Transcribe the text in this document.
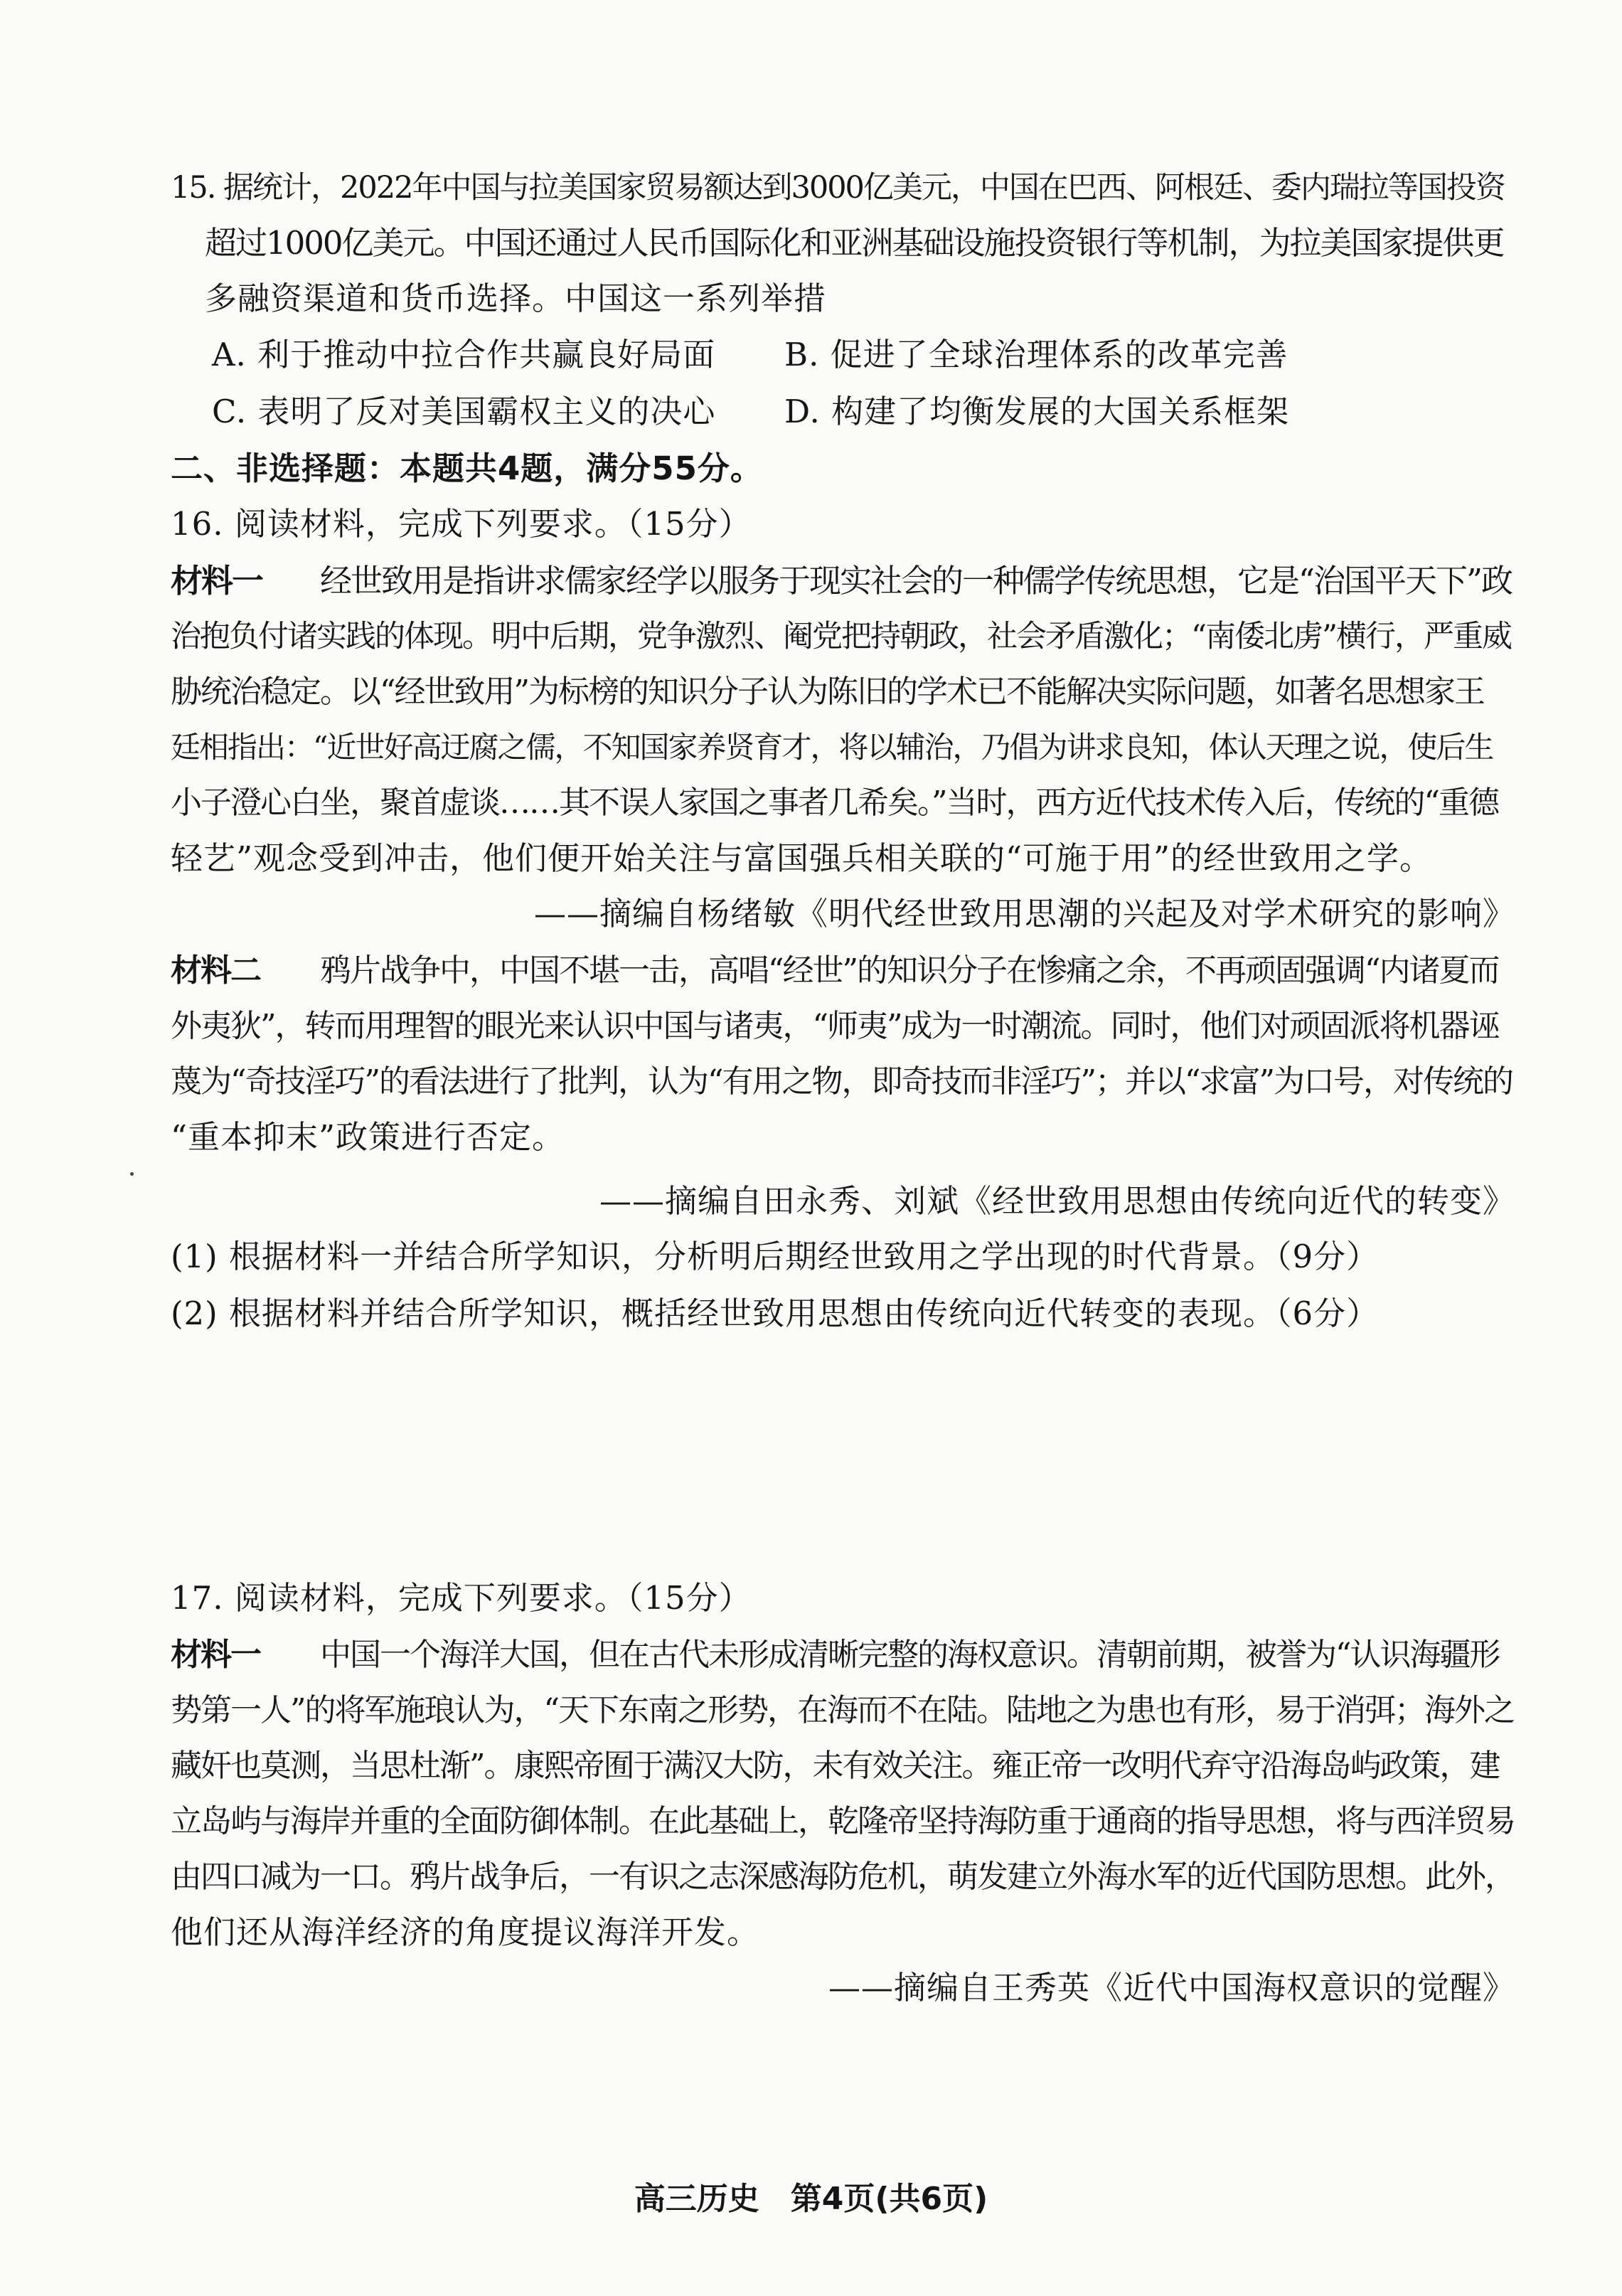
15. 据统计，2022年中国与拉美国家贸易额达到3000亿美元，中国在巴西、阿根廷、委内瑞拉等国投资
超过1000亿美元。中国还通过人民币国际化和亚洲基础设施投资银行等机制，为拉美国家提供更
多融资渠道和货币选择。中国这一系列举措
A. 利于推动中拉合作共赢良好局面 B. 促进了全球治理体系的改革完善
C. 表明了反对美国霸权主义的决心 D. 构建了均衡发展的大国关系框架
二、非选择题：本题共4题，满分55分。
16. 阅读材料，完成下列要求。（15分）
材料一 经世致用是指讲求儒家经学以服务于现实社会的一种儒学传统思想，它是“治国平天下”政
治抱负付诸实践的体现。明中后期，党争激烈、阉党把持朝政，社会矛盾激化；“南倭北虏”横行，严重威
胁统治稳定。以“经世致用”为标榜的知识分子认为陈旧的学术已不能解决实际问题，如著名思想家王
廷相指出：“近世好高迂腐之儒，不知国家养贤育才，将以辅治，乃倡为讲求良知，体认天理之说，使后生
小子澄心白坐，聚首虚谈……其不误人家国之事者几希矣。”当时，西方近代技术传入后，传统的“重德
轻艺”观念受到冲击，他们便开始关注与富国强兵相关联的“可施于用”的经世致用之学。
——摘编自杨绪敏《明代经世致用思潮的兴起及对学术研究的影响》
材料二 鸦片战争中，中国不堪一击，高唱“经世”的知识分子在惨痛之余，不再顽固强调“内诸夏而
外夷狄”，转而用理智的眼光来认识中国与诸夷，“师夷”成为一时潮流。同时，他们对顽固派将机器诬
蔑为“奇技淫巧”的看法进行了批判，认为“有用之物，即奇技而非淫巧”；并以“求富”为口号，对传统的
“重本抑末”政策进行否定。
——摘编自田永秀、刘斌《经世致用思想由传统向近代的转变》
(1) 根据材料一并结合所学知识，分析明后期经世致用之学出现的时代背景。（9分）
(2) 根据材料并结合所学知识，概括经世致用思想由传统向近代转变的表现。（6分）
17. 阅读材料，完成下列要求。（15分）
材料一 中国一个海洋大国，但在古代未形成清晰完整的海权意识。清朝前期，被誉为“认识海疆形
势第一人”的将军施琅认为，“天下东南之形势，在海而不在陆。陆地之为患也有形，易于消弭；海外之
藏奸也莫测，当思杜渐”。康熙帝囿于满汉大防，未有效关注。雍正帝一改明代弃守沿海岛屿政策，建
立岛屿与海岸并重的全面防御体制。在此基础上，乾隆帝坚持海防重于通商的指导思想，将与西洋贸易
由四口减为一口。鸦片战争后，一有识之志深感海防危机，萌发建立外海水军的近代国防思想。此外，
他们还从海洋经济的角度提议海洋开发。
——摘编自王秀英《近代中国海权意识的觉醒》
高三历史　第4页(共6页)
